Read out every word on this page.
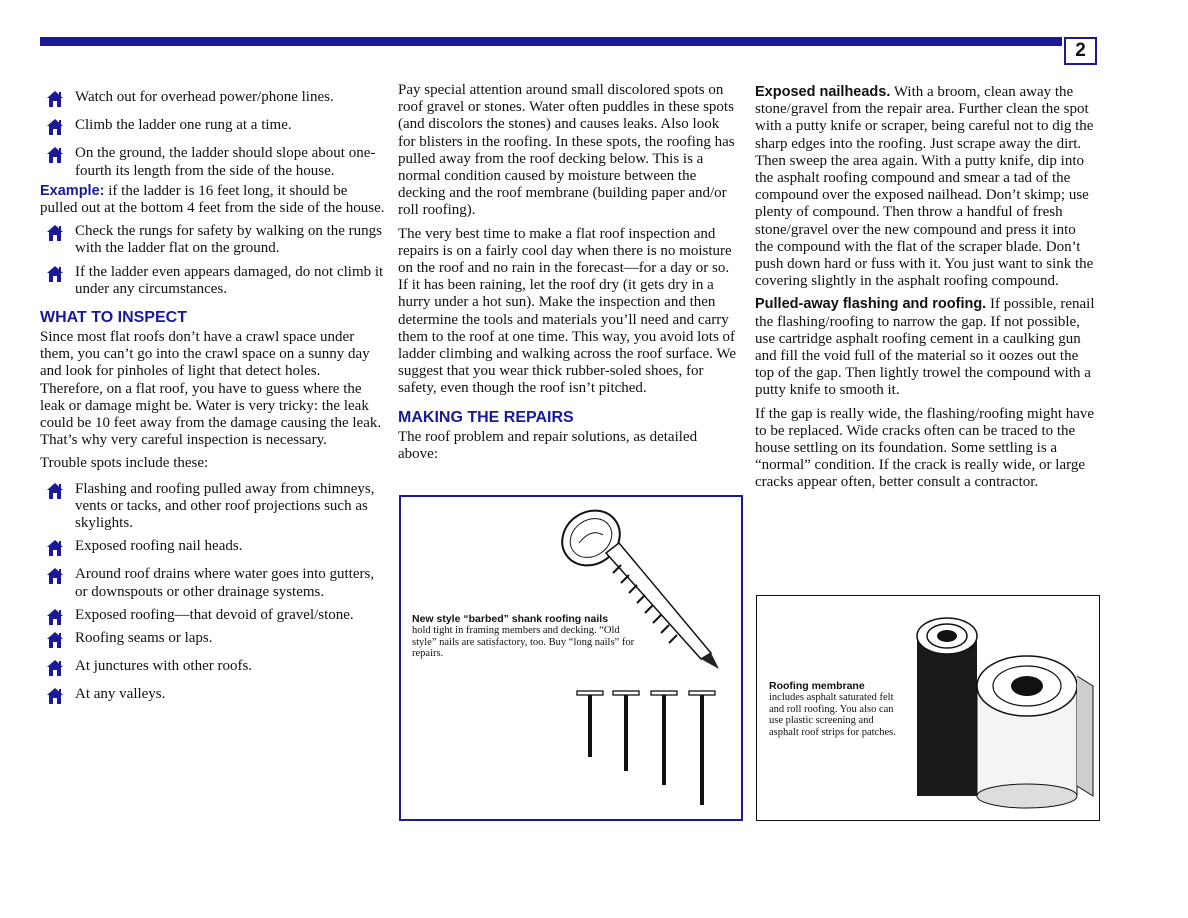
2
Watch out for overhead power/phone lines.
Climb the ladder one rung at a time.
On the ground, the ladder should slope about one-fourth its length from the side of the house.

Example: if the ladder is 16 feet long, it should be pulled out at the bottom 4 feet from the side of the house.

Check the rungs for safety by walking on the rungs with the ladder flat on the ground.
If the ladder even appears damaged, do not climb it under any circumstances.
WHAT TO INSPECT

Since most flat roofs don’t have a crawl space under them, you can’t go into the crawl space on a sunny day and look for pinholes of light that detect holes. Therefore, on a flat roof, you have to guess where the leak or damage might be. Water is very tricky: the leak could be 10 feet away from the damage causing the leak. That’s why very careful inspection is necessary.

Trouble spots include these:

Flashing and roofing pulled away from chimneys, vents or tacks, and other roof projections such as skylights.
Exposed roofing nail heads.
Around roof drains where water goes into gutters, or downspouts or other drainage systems.
Exposed roofing—that devoid of gravel/stone.
Roofing seams or laps.
At junctures with other roofs.
At any valleys.

Pay special attention around small discolored spots on roof gravel or stones. Water often puddles in these spots (and discolors the stones) and causes leaks. Also look for blisters in the roofing. In these spots, the roofing has pulled away from the roof decking below. This is a normal condition caused by moisture between the decking and the roof membrane (building paper and/or roll roofing).

The very best time to make a flat roof inspection and repairs is on a fairly cool day when there is no moisture on the roof and no rain in the forecast—for a day or so. If it has been raining, let the roof dry (it gets dry in a hurry under a hot sun). Make the inspection and then determine the tools and materials you’ll need and carry them to the roof at one time. This way, you avoid lots of ladder climbing and walking across the roof surface. We suggest that you wear thick rubber-soled shoes, for safety, even though the roof isn’t pitched.

MAKING THE REPAIRS

The roof problem and repair solutions, as detailed above:

New style “barbed” shank roofing nails
hold tight in framing members and decking. “Old style” nails are satisfactory, too. Buy “long nails” for repairs.

Exposed nailheads. With a broom, clean away the stone/gravel from the repair area. Further clean the spot with a putty knife or scraper, being careful not to dig the sharp edges into the roofing. Just scrape away the dirt. Then sweep the area again. With a putty knife, dip into the asphalt roofing compound and smear a tad of the compound over the exposed nailhead. Don’t skimp; use plenty of compound. Then throw a handful of fresh stone/gravel over the new compound and press it into the compound with the flat of the scraper blade. Don’t push down hard or fuss with it. You just want to sink the covering slightly in the asphalt roofing compound.

Pulled-away flashing and roofing. If possible, renail the flashing/roofing to narrow the gap. If not possible, use cartridge asphalt roofing cement in a caulking gun and fill the void full of the material so it oozes out the top of the gap. Then lightly trowel the compound with a putty knife to smooth it.

If the gap is really wide, the flashing/roofing might have to be replaced. Wide cracks often can be traced to the house settling on its foundation. Some settling is a “normal” condition. If the crack is really wide, or large cracks appear often, better consult a contractor.

Roofing membrane
includes asphalt saturated felt and roll roofing. You also can use plastic screening and asphalt roof strips for patches.
